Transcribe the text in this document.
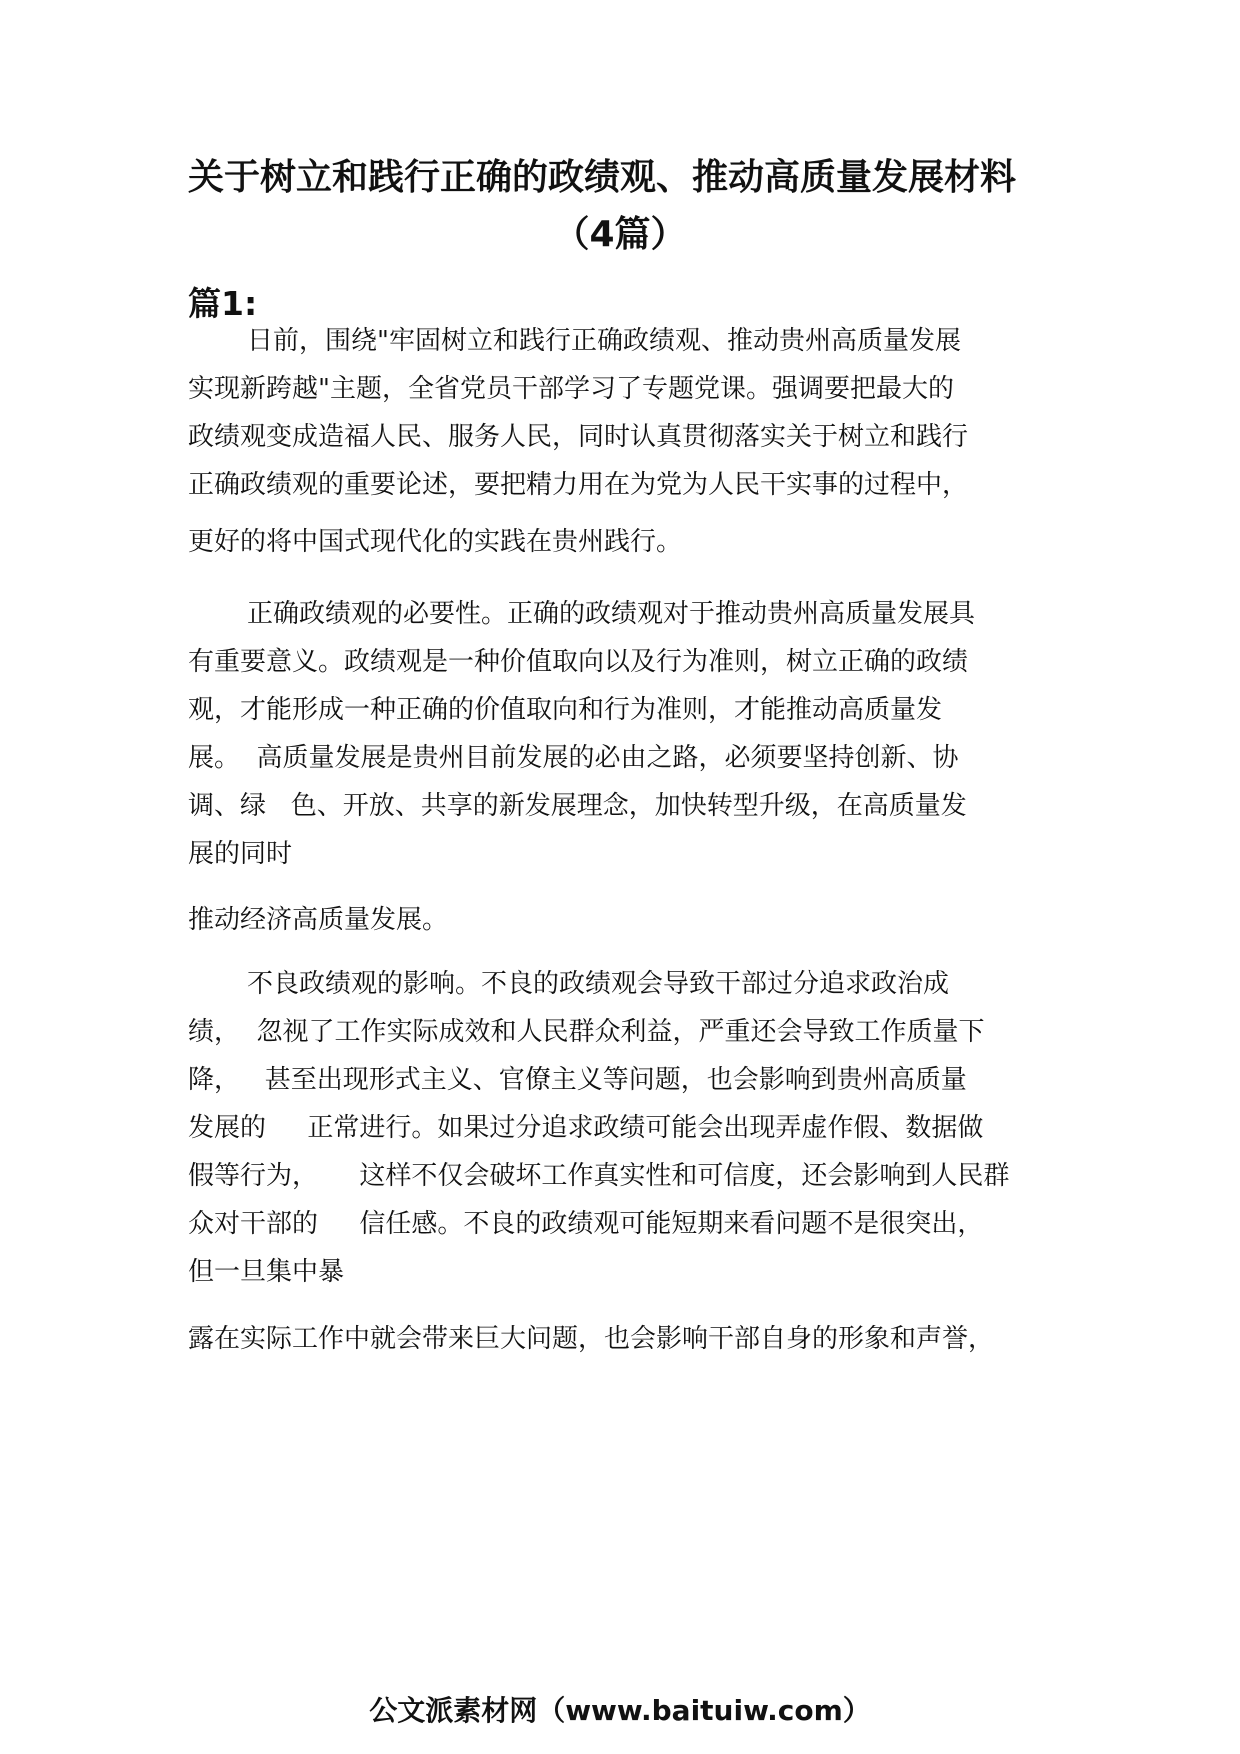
关于树立和践行正确的政绩观、推动高质量发展材料
（4篇）
篇1:
日前，围绕"牢固树立和践行正确政绩观、推动贵州高质量发展
实现新跨越"主题，全省党员干部学习了专题党课。强调要把最大的
政绩观变成造福人民、服务人民，同时认真贯彻落实关于树立和践行
正确政绩观的重要论述，要把精力用在为党为人民干实事的过程中，
更好的将中国式现代化的实践在贵州践行。
正确政绩观的必要性。正确的政绩观对于推动贵州高质量发展具
有重要意义。政绩观是一种价值取向以及行为准则，树立正确的政绩
观，才能形成一种正确的价值取向和行为准则，才能推动高质量发
展。  高质量发展是贵州目前发展的必由之路，必须要坚持创新、协
调、绿   色、开放、共享的新发展理念，加快转型升级，在高质量发
展的同时
推动经济高质量发展。
不良政绩观的影响。不良的政绩观会导致干部过分追求政治成
绩，  忽视了工作实际成效和人民群众利益，严重还会导致工作质量下
降，   甚至出现形式主义、官僚主义等问题，也会影响到贵州高质量
发展的     正常进行。如果过分追求政绩可能会出现弄虚作假、数据做
假等行为，     这样不仅会破坏工作真实性和可信度，还会影响到人民群
众对干部的     信任感。不良的政绩观可能短期来看问题不是很突出，
但一旦集中暴
露在实际工作中就会带来巨大问题，也会影响干部自身的形象和声誉，
公文派素材网（www.baituiw.com）
